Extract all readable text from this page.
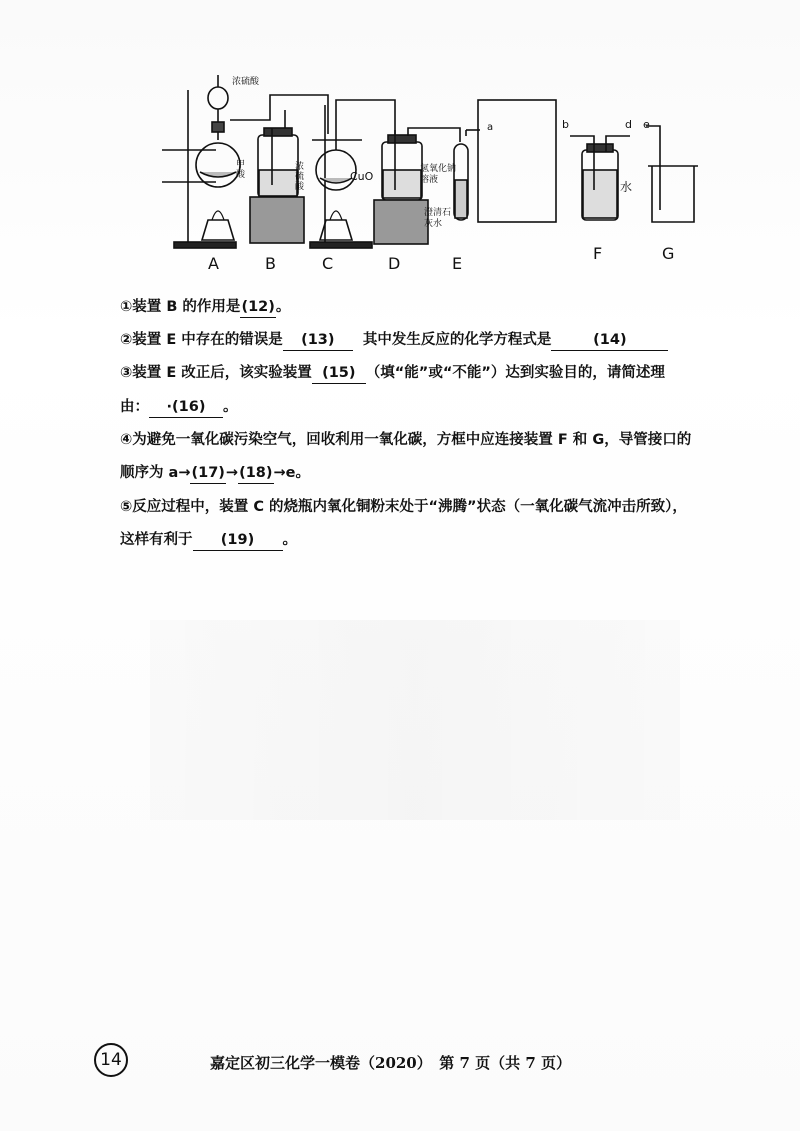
A	B	C	D	E
F	G
浓硫酸
甲酸
浓硫酸
CuO
氢氧化钠溶液
澄清石灰水
水
a	b	d e
①装置 B 的作用是(12)。
②装置 E 中存在的错误是 (13) 其中发生反应的化学方程式是	(14)
③装置 E 改正后，该实验装置 (15) （填“能”或“不能”）达到实验目的，请简述理
由： ·(16) 。
④为避免一氧化碳污染空气，回收利用一氧化碳，方框中应连接装置 F 和 G，导管接口的
顺序为 a→(17)→(18)→e。
⑤反应过程中，装置 C 的烧瓶内氧化铜粉末处于“沸腾”状态（一氧化碳气流冲击所致），
这样有利于 (19) 。
14	嘉定区初三化学一模卷（2020）　第 7 页（共 7 页）
